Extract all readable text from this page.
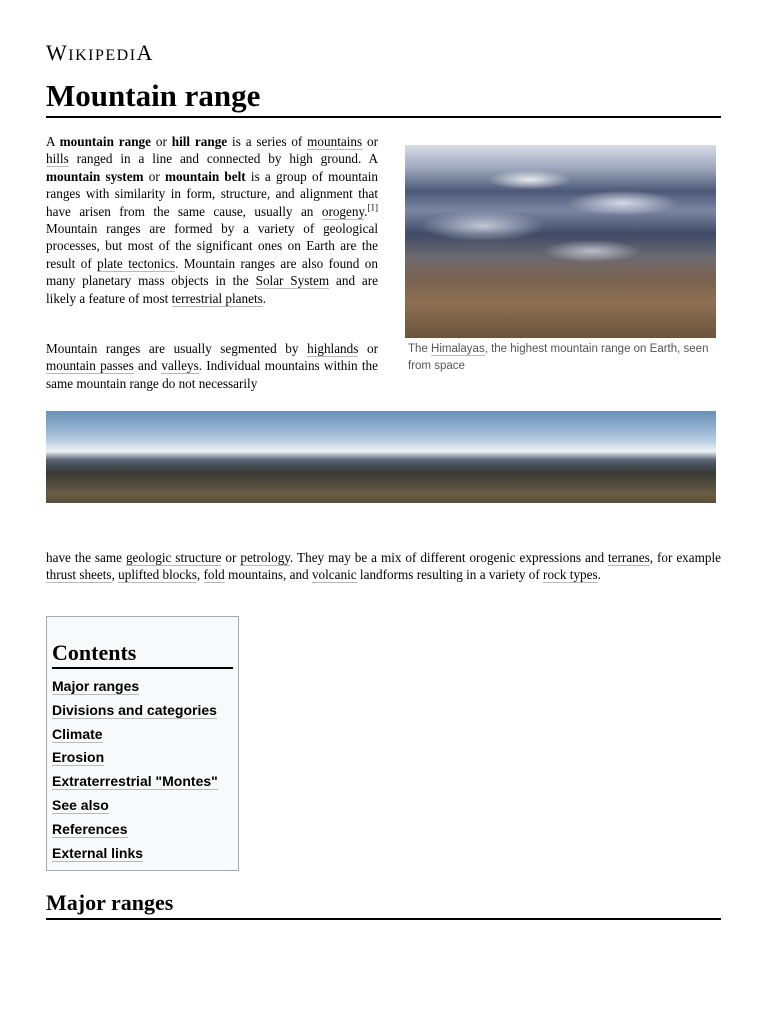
WIKIPEDIA
Mountain range

A mountain range or hill range is a series of mountains or hills ranged in a line and connected by high ground. A mountain system or mountain belt is a group of mountain ranges with similarity in form, structure, and alignment that have arisen from the same cause, usually an orogeny.[1] Mountain ranges are formed by a variety of geological processes, but most of the significant ones on Earth are the result of plate tectonics. Mountain ranges are also found on many planetary mass objects in the Solar System and are likely a feature of most terrestrial planets.

Mountain ranges are usually segmented by highlands or mountain passes and valleys. Individual mountains within the same mountain range do not necessarily

The Himalayas, the highest mountain range on Earth, seen from space

have the same geologic structure or petrology. They may be a mix of different orogenic expressions and terranes, for example thrust sheets, uplifted blocks, fold mountains, and volcanic landforms resulting in a variety of rock types.

Contents
Major ranges
Divisions and categories
Climate
Erosion
Extraterrestrial "Montes"
See also
References
External links
Major ranges
